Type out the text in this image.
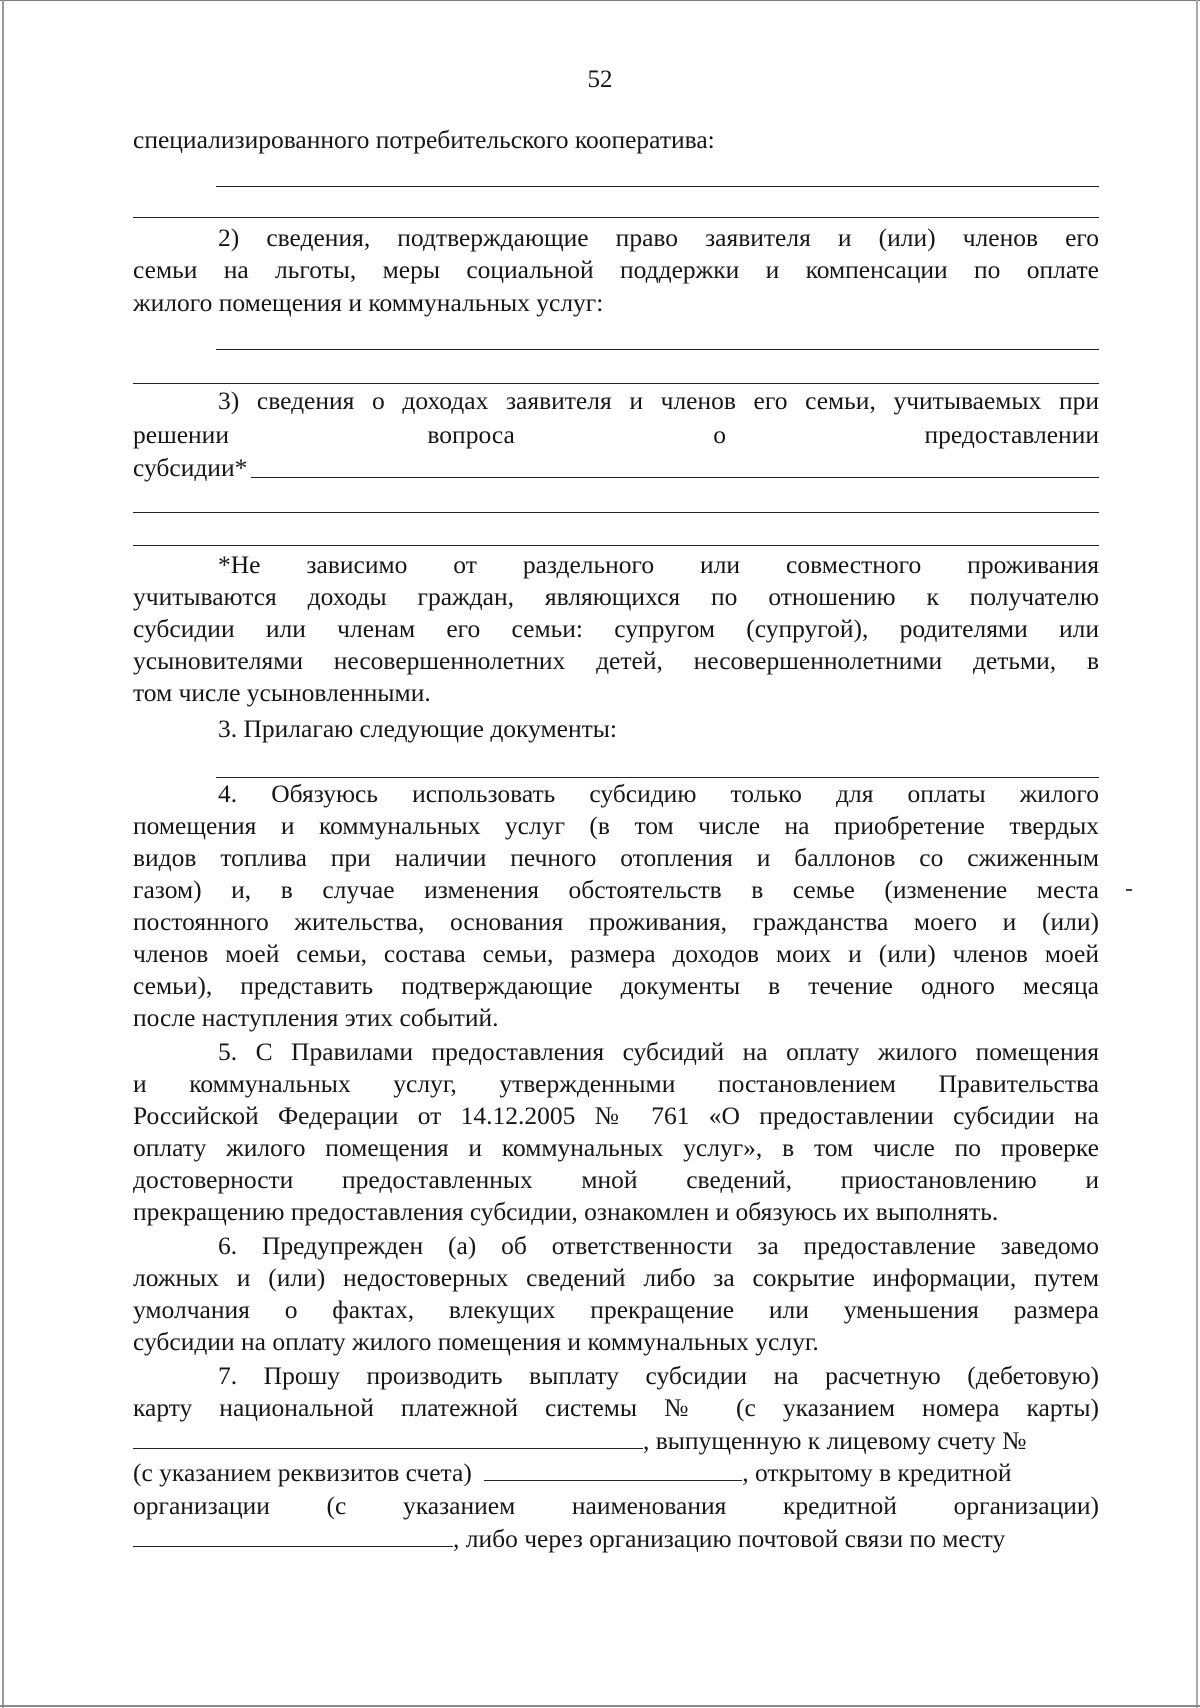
52
специализированного потребительского кооператива:
2) сведения, подтверждающие право заявителя и (или) членов его
семьи на льготы, меры социальной поддержки и компенсации по оплате
жилого помещения и коммунальных услуг:
3) сведения о доходах заявителя и членов его семьи, учитываемых при
решении вопроса о предоставлении
субсидии*
*Не зависимо от раздельного или совместного проживания
учитываются доходы граждан, являющихся по отношению к получателю
субсидии или членам его семьи: супругом (супругой), родителями или
усыновителями несовершеннолетних детей, несовершеннолетними детьми, в
том числе усыновленными.
3. Прилагаю следующие документы:
4. Обязуюсь использовать субсидию только для оплаты жилого
помещения и коммунальных услуг (в том числе на приобретение твердых
видов топлива при наличии печного отопления и баллонов со сжиженным
газом) и, в случае изменения обстоятельств в семье (изменение места
постоянного жительства, основания проживания, гражданства моего и (или)
членов моей семьи, состава семьи, размера доходов моих и (или) членов моей
семьи), представить подтверждающие документы в течение одного месяца
после наступления этих событий.
5. С Правилами предоставления субсидий на оплату жилого помещения
и коммунальных услуг, утвержденными постановлением Правительства
Российской Федерации от 14.12.2005 № 761 «О предоставлении субсидии на
оплату жилого помещения и коммунальных услуг», в том числе по проверке
достоверности предоставленных мной сведений, приостановлению и
прекращению предоставления субсидии, ознакомлен и обязуюсь их выполнять.
6. Предупрежден (а) об ответственности за предоставление заведомо
ложных и (или) недостоверных сведений либо за сокрытие информации, путем
умолчания о фактах, влекущих прекращение или уменьшения размера
субсидии на оплату жилого помещения и коммунальных услуг.
7. Прошу производить выплату субсидии на расчетную (дебетовую)
карту национальной платежной системы № (с указанием номера карты)
, выпущенную к лицевому счету №
(с указанием реквизитов счета)	, открытому в кредитной
организации (с указанием наименования кредитной организации)
, либо через организацию почтовой связи по месту
